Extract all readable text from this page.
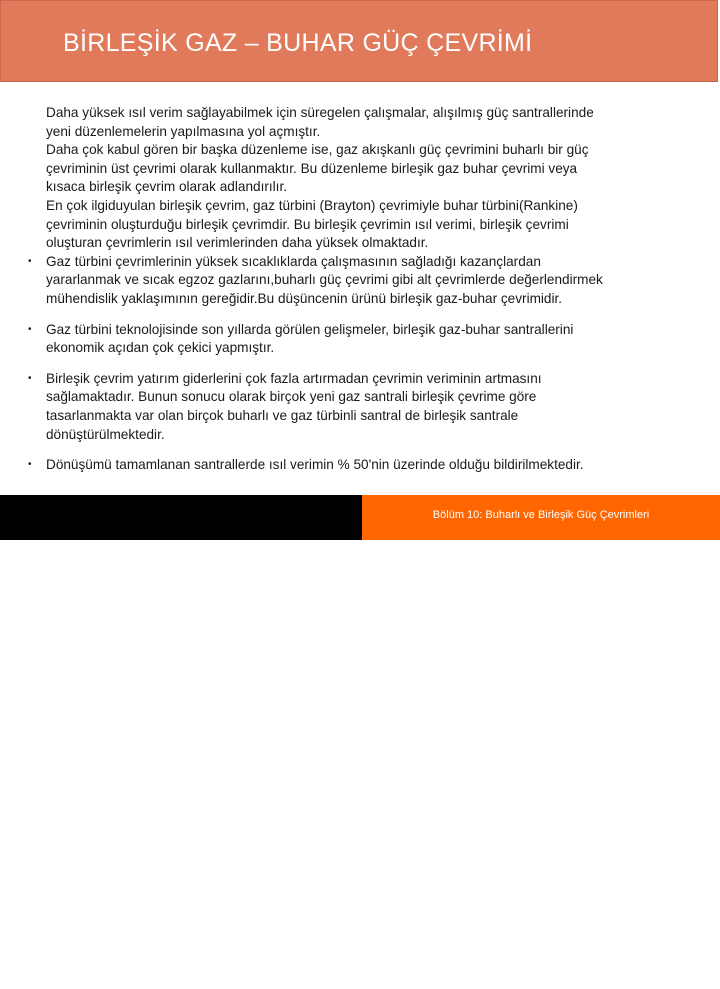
BİRLEŞİK GAZ – BUHAR GÜÇ ÇEVRİMİ
Daha yüksek ısıl verim sağlayabilmek için süregelen çalışmalar, alışılmış güç santrallerinde
yeni düzenlemelerin yapılmasına yol açmıştır.
Daha çok kabul gören bir başka düzenleme ise, gaz akışkanlı güç çevrimini buharlı bir güç
çevriminin üst çevrimi olarak kullanmaktır. Bu düzenleme birleşik gaz buhar çevrimi veya
kısaca birleşik çevrim olarak adlandırılır.
En çok ilgiduyulan birleşik çevrim, gaz türbini (Brayton) çevrimiyle buhar türbini(Rankine)
çevriminin oluşturduğu birleşik çevrimdir. Bu birleşik çevrimin ısıl verimi, birleşik çevrimi
oluşturan çevrimlerin ısıl verimlerinden daha yüksek olmaktadır.
•	Gaz türbini çevrimlerinin yüksek sıcaklıklarda çalışmasının sağladığı kazançlardan
yararlanmak ve sıcak egzoz gazlarını,buharlı güç çevrimi gibi alt çevrimlerde değerlendirmek
mühendislik yaklaşımının gereğidir.Bu düşüncenin ürünü birleşik gaz-buhar çevrimidir.
•	Gaz türbini teknolojisinde son yıllarda görülen gelişmeler, birleşik gaz-buhar santrallerini
ekonomik açıdan çok çekici yapmıştır.
•	Birleşik çevrim yatırım giderlerini çok fazla artırmadan çevrimin veriminin artmasını
sağlamaktadır. Bunun sonucu olarak birçok yeni gaz santrali birleşik çevrime göre
tasarlanmakta var olan birçok buharlı ve gaz türbinli santral de birleşik santrale
dönüştürülmektedir.
•	Dönüşümü tamamlanan santrallerde ısıl verimin % 50'nin üzerinde olduğu bildirilmektedir.
49
Bölüm 10: Buharlı ve Birleşik Güç Çevrimleri
